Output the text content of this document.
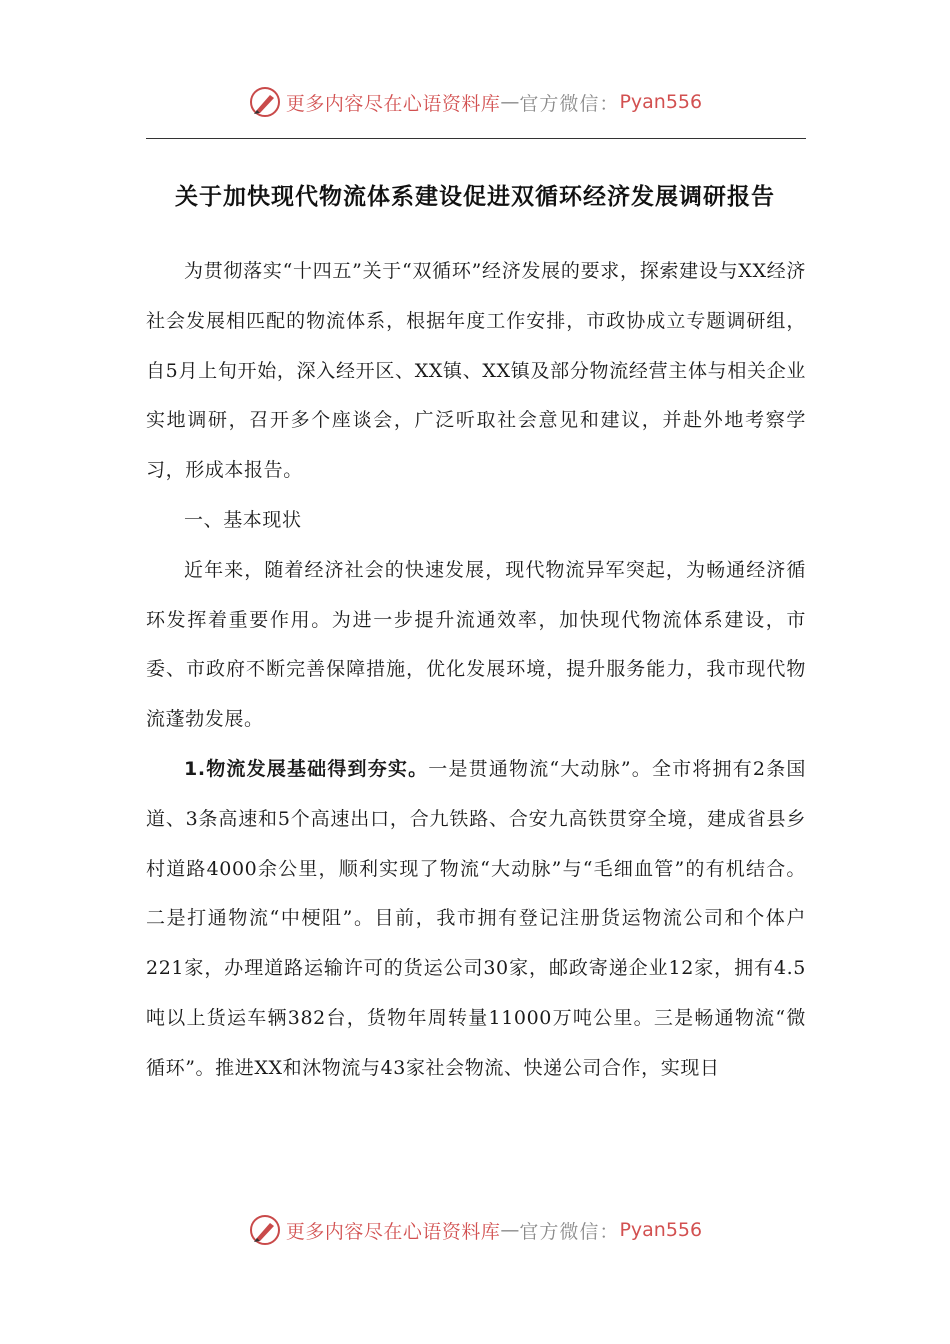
更多内容尽在心语资料库 — 官方微信： Pyan556
关于加快现代物流体系建设促进双循环经济发展调研报告

为贯彻落实“十四五”关于“双循环”经济发展的要求，探索建设与XX经济社会发展相匹配的物流体系，根据年度工作安排，市政协成立专题调研组，自5月上旬开始，深入经开区、XX镇、XX镇及部分物流经营主体与相关企业实地调研，召开多个座谈会，广泛听取社会意见和建议，并赴外地考察学习，形成本报告。

一、基本现状

近年来，随着经济社会的快速发展，现代物流异军突起，为畅通经济循环发挥着重要作用。为进一步提升流通效率，加快现代物流体系建设，市委、市政府不断完善保障措施，优化发展环境，提升服务能力，我市现代物流蓬勃发展。

1.物流发展基础得到夯实。一是贯通物流“大动脉”。全市将拥有2条国道、3条高速和5个高速出口，合九铁路、合安九高铁贯穿全境，建成省县乡村道路4000余公里，顺利实现了物流“大动脉”与“毛细血管”的有机结合。二是打通物流“中梗阻”。目前，我市拥有登记注册货运物流公司和个体户221家，办理道路运输许可的货运公司30家，邮政寄递企业12家，拥有4.5吨以上货运车辆382台，货物年周转量11000万吨公里。三是畅通物流“微循环”。推进XX和沐物流与43家社会物流、快递公司合作，实现日

更多内容尽在心语资料库 — 官方微信： Pyan556
